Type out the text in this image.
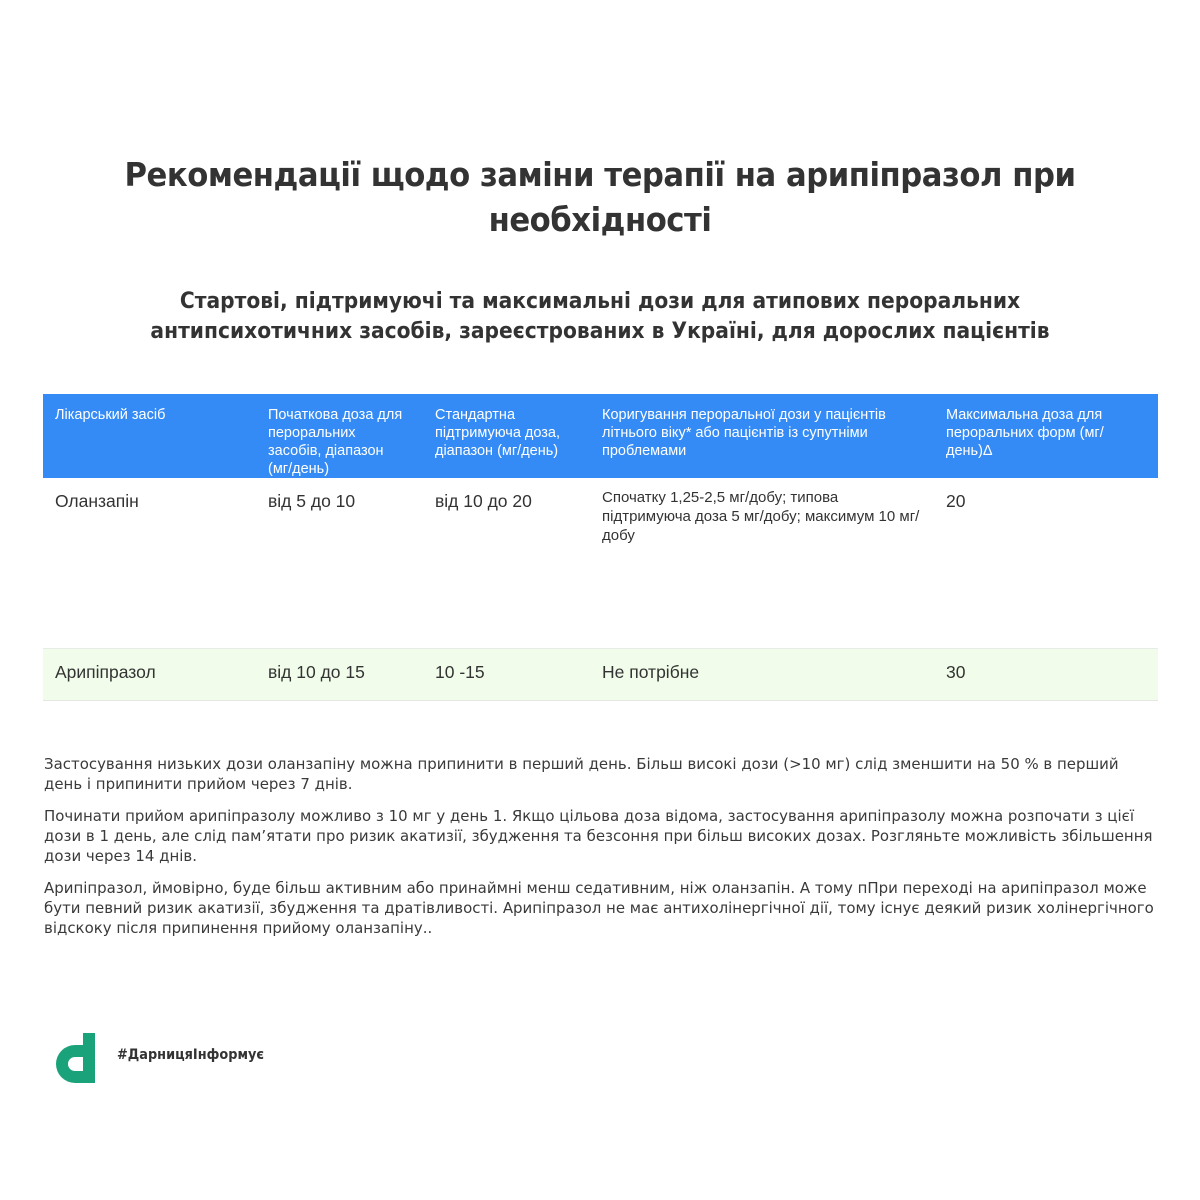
Рекомендації щодо заміни терапії на арипіпразол при необхідності
Стартові, підтримуючі та максимальні дози для атипових пероральних антипсихотичних засобів, зареєстрованих в Україні, для дорослих пацієнтів
Лікарський засіб	Початкова доза для пероральних засобів, діапазон (мг/день)	Стандартна підтримуюча доза, діапазон (мг/день)	Коригування пероральної дози у пацієнтів літнього віку* або пацієнтів із супутніми проблемами	Максимальна доза для пероральних форм (мг/день)Δ
Оланзапін	від 5 до 10	від 10 до 20	Спочатку 1,25-2,5 мг/добу; типова підтримуюча доза 5 мг/добу; максимум 10 мг/добу	20
Арипіпразол	від 10 до 15	10 -15	Не потрібне	30

Застосування низьких дози оланзапіну можна припинити в перший день. Більш високі дози (>10 мг) слід зменшити на 50 % в перший день і припинити прийом через 7 днів.

Починати прийом арипіпразолу можливо з 10 мг у день 1. Якщо цільова доза відома, застосування арипіпразолу можна розпочати з цієї дози в 1 день, але слід пам’ятати про ризик акатизії, збудження та безсоння при більш високих дозах. Розгляньте можливість збільшення дози через 14 днів.

Арипіпразол, ймовірно, буде більш активним або принаймні менш седативним, ніж оланзапін. А тому пПри переході на арипіпразол може бути певний ризик акатизії, збудження та дратівливості. Арипіпразол не має антихолінергічної дії, тому існує деякий ризик холінергічного відскоку після припинення прийому оланзапіну..

#ДарницяІнформує
